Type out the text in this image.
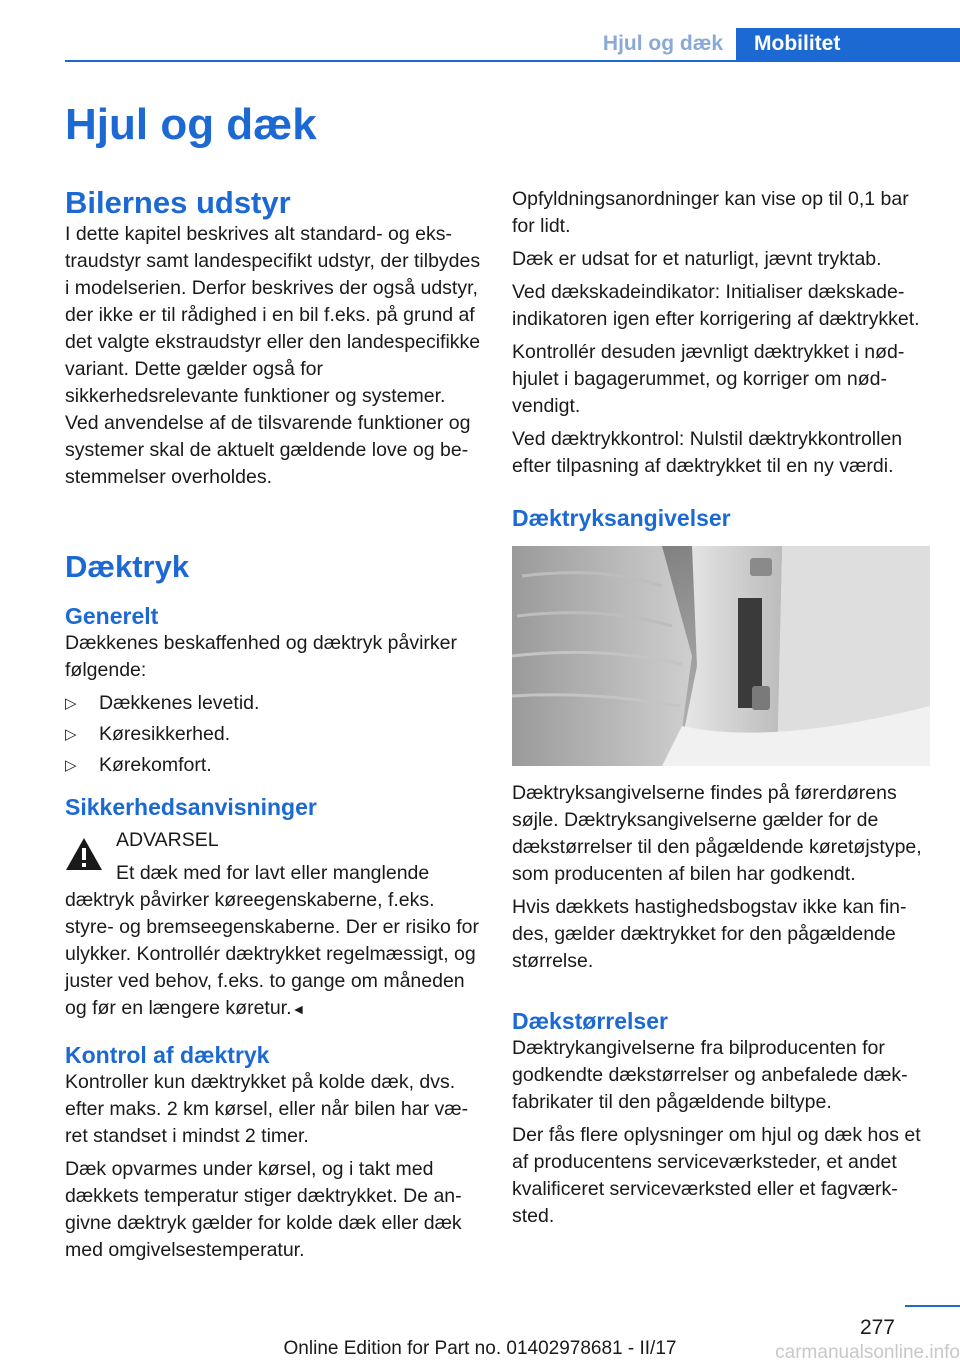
Hjul og dæk	Mobilitet
Hjul og dæk
Bilernes udstyr

I dette kapitel beskrives alt standard- og ekstraudstyr samt landespecifikt udstyr, der tilbydes i modelserien. Derfor beskrives der også udstyr, der ikke er til rådighed i en bil f.eks. på grund af det valgte ekstraudstyr eller den landespecifikke variant. Dette gælder også for sikkerhedsrelevante funktioner og systemer. Ved anvendelse af de tilsvarende funktioner og systemer skal de aktuelt gældende love og bestemmelser overholdes.

Dæktryk
Generelt

Dækkenes beskaffenhed og dæktryk påvirker følgende:

▷ Dækkenes levetid.
▷ Køresikkerhed.
▷ Kørekomfort.
Sikkerhedsanvisninger

ADVARSEL

Et dæk med for lavt eller manglende

dæktryk påvirker køreegenskaberne, f.eks. styre- og bremseegenskaberne. Der er risiko for ulykker. Kontrollér dæktrykket regelmæssigt, og juster ved behov, f.eks. to gange om måneden og før en længere køretur.◄

Kontrol af dæktryk

Kontroller kun dæktrykket på kolde dæk, dvs. efter maks. 2 km kørsel, eller når bilen har været standset i mindst 2 timer.

Dæk opvarmes under kørsel, og i takt med dækkets temperatur stiger dæktrykket. De angivne dæktryk gælder for kolde dæk eller dæk med omgivelsestemperatur.

Opfyldningsanordninger kan vise op til 0,1 bar for lidt.

Dæk er udsat for et naturligt, jævnt tryktab.

Ved dækskadeindikator: Initialiser dækskadeindikatoren igen efter korrigering af dæktrykket.

Kontrollér desuden jævnligt dæktrykket i nødhjulet i bagagerummet, og korriger om nødvendigt.

Ved dæktrykkontrol: Nulstil dæktrykkontrollen efter tilpasning af dæktrykket til en ny værdi.

Dæktryksangivelser

Dæktryksangivelserne findes på førerdørens søjle. Dæktryksangivelserne gælder for de dækstørrelser til den pågældende køretøjstype, som producenten af bilen har godkendt.

Hvis dækkets hastighedsbogstav ikke kan findes, gælder dæktrykket for den pågældende størrelse.

Dækstørrelser

Dæktrykangivelserne fra bilproducenten for godkendte dækstørrelser og anbefalede dækfabrikater til den pågældende biltype.

Der fås flere oplysninger om hjul og dæk hos et af producentens serviceværksteder, et andet kvalificeret serviceværksted eller et fagværksted.

277
Online Edition for Part no. 01402978681 - II/17	carmanualsonline.info
